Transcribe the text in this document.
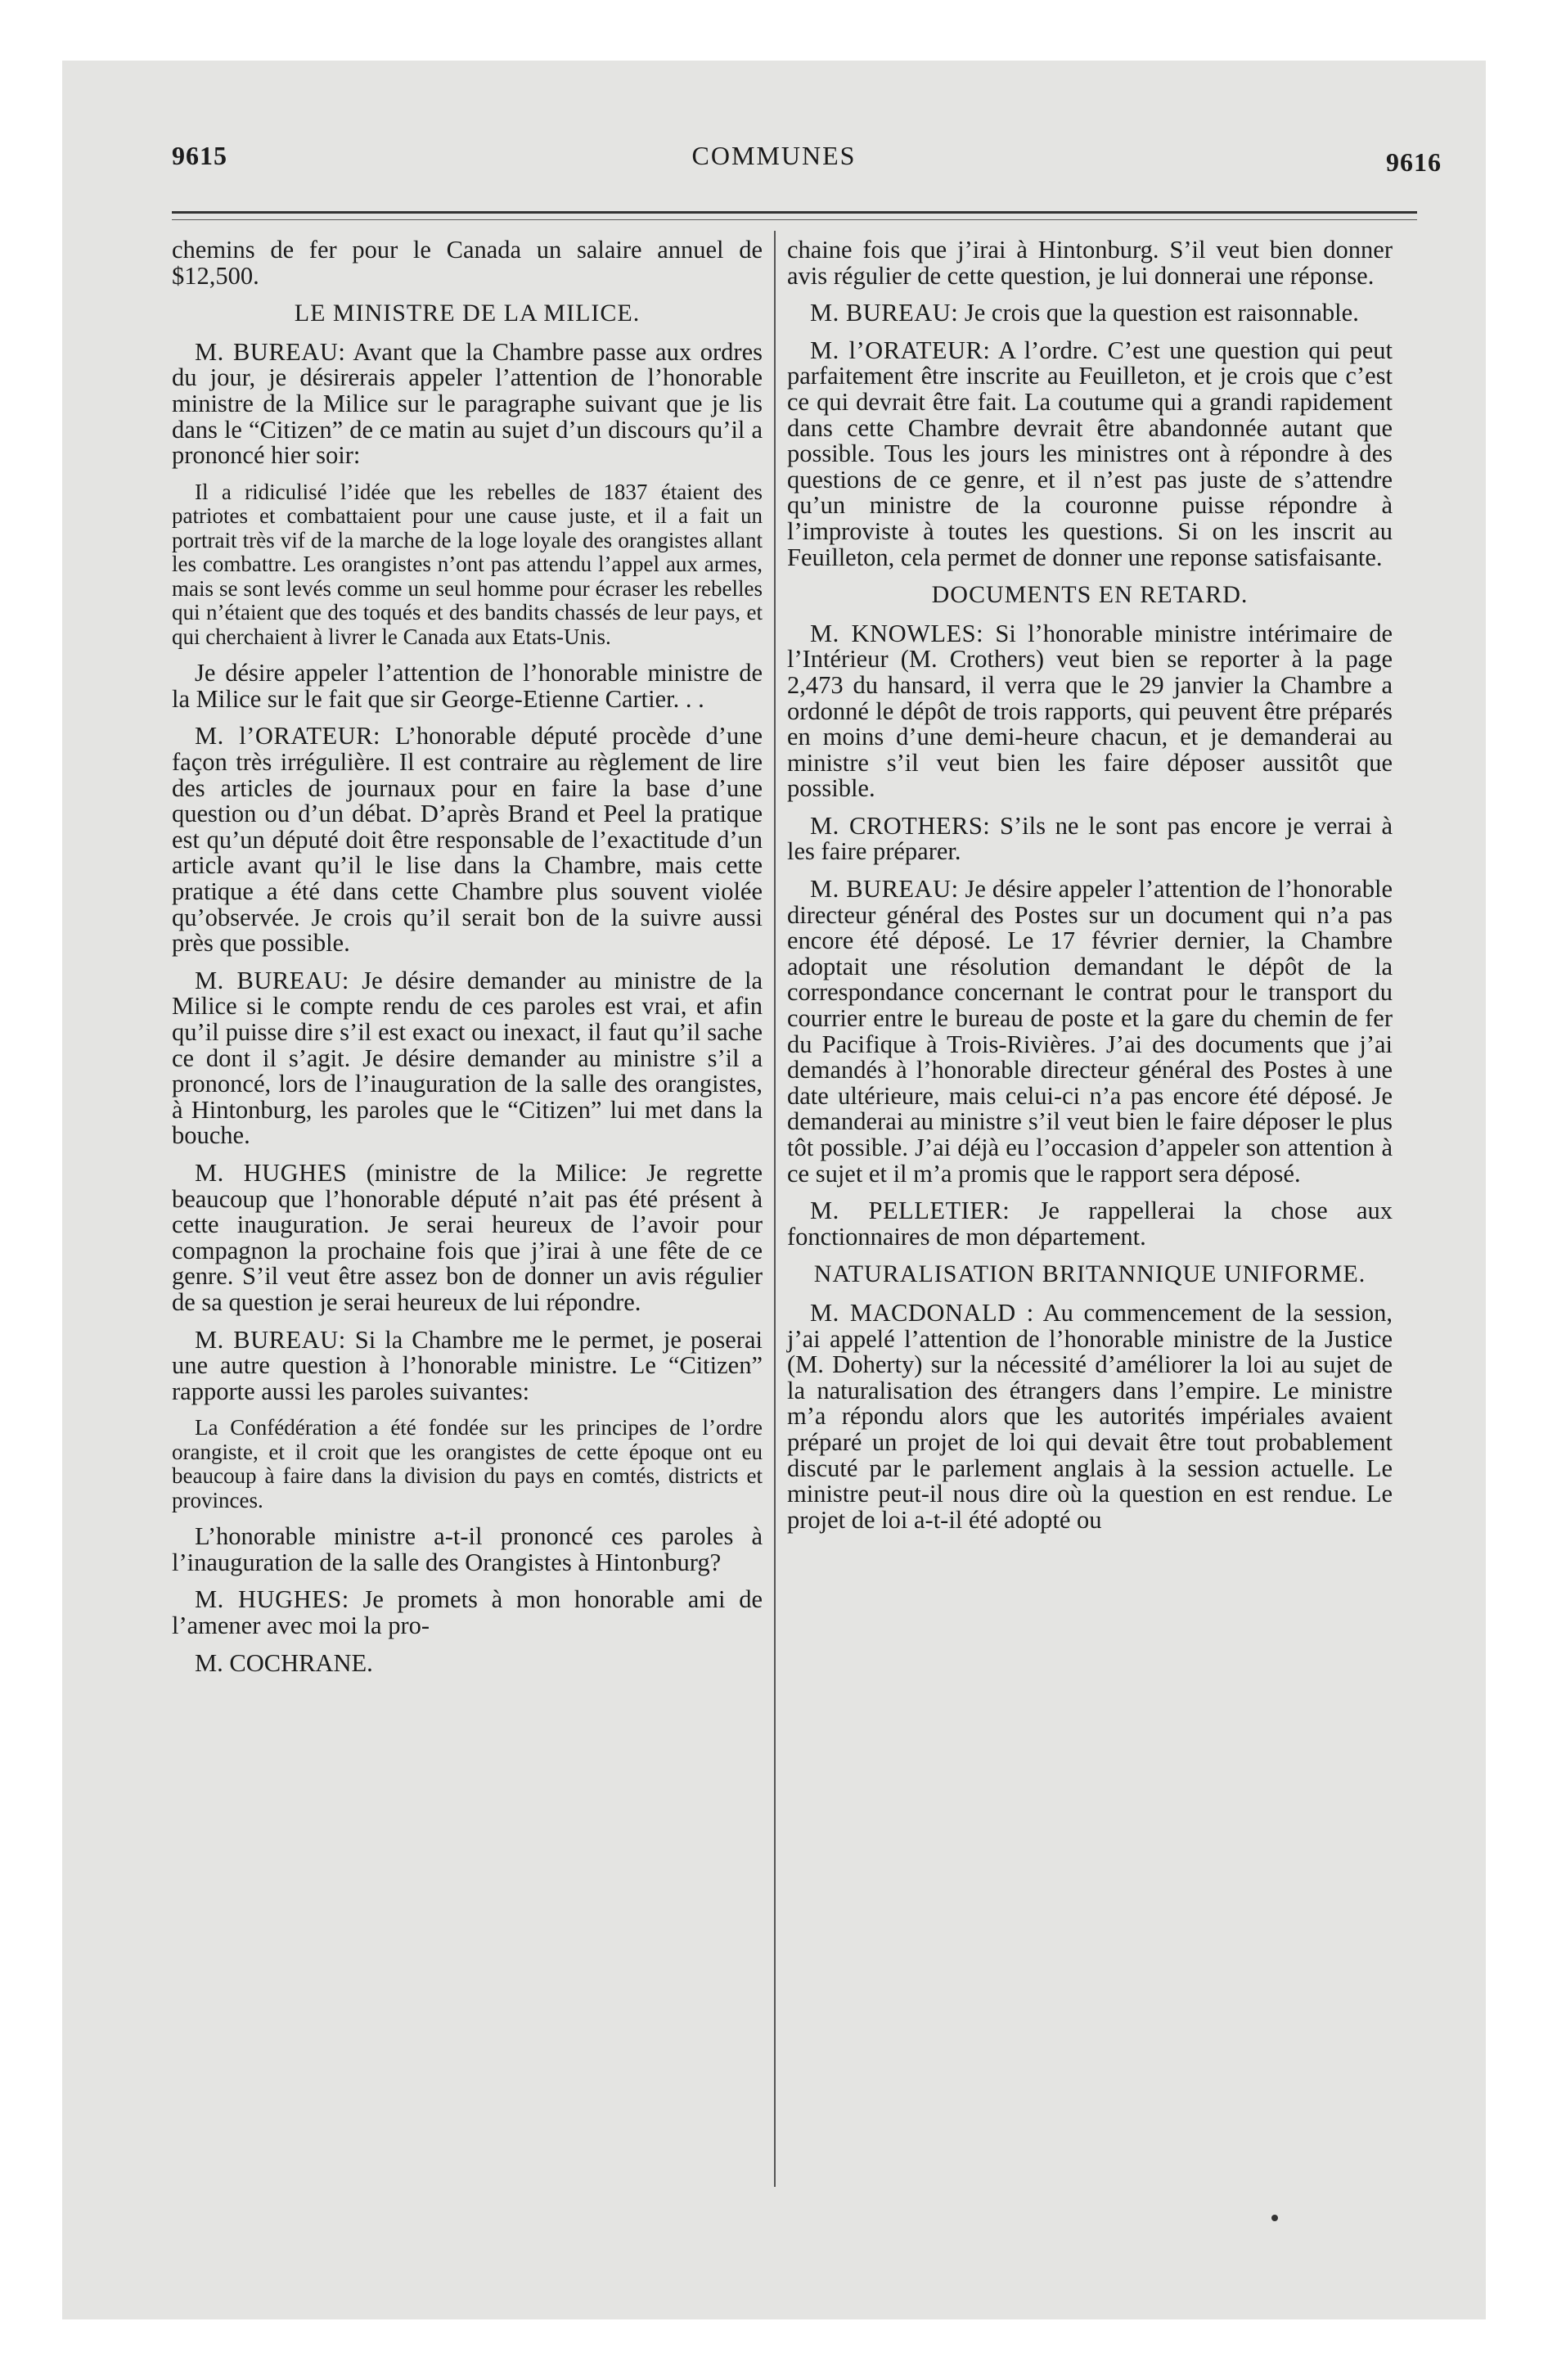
9615	COMMUNES	9616

chemins de fer pour le Canada un salaire annuel de $12,500.

LE MINISTRE DE LA MILICE.

M. BUREAU: Avant que la Chambre passe aux ordres du jour, je désirerais appeler l’attention de l’honorable ministre de la Milice sur le paragraphe suivant que je lis dans le “Citizen” de ce matin au sujet d’un discours qu’il a prononcé hier soir:

Il a ridiculisé l’idée que les rebelles de 1837 étaient des patriotes et combattaient pour une cause juste, et il a fait un portrait très vif de la marche de la loge loyale des orangistes allant les combattre. Les orangistes n’ont pas attendu l’appel aux armes, mais se sont levés comme un seul homme pour écraser les rebelles qui n’étaient que des toqués et des bandits chassés de leur pays, et qui cherchaient à livrer le Canada aux Etats-Unis.

Je désire appeler l’attention de l’honorable ministre de la Milice sur le fait que sir George-Etienne Cartier. . .

M. l’ORATEUR: L’honorable député procède d’une façon très irrégulière. Il est contraire au règlement de lire des articles de journaux pour en faire la base d’une question ou d’un débat. D’après Brand et Peel la pratique est qu’un député doit être responsable de l’exactitude d’un article avant qu’il le lise dans la Chambre, mais cette pratique a été dans cette Chambre plus souvent violée qu’observée. Je crois qu’il serait bon de la suivre aussi près que possible.

M. BUREAU: Je désire demander au ministre de la Milice si le compte rendu de ces paroles est vrai, et afin qu’il puisse dire s’il est exact ou inexact, il faut qu’il sache ce dont il s’agit. Je désire demander au ministre s’il a prononcé, lors de l’inauguration de la salle des orangistes, à Hintonburg, les paroles que le “Citizen” lui met dans la bouche.

M. HUGHES (ministre de la Milice: Je regrette beaucoup que l’honorable député n’ait pas été présent à cette inauguration. Je serai heureux de l’avoir pour compagnon la prochaine fois que j’irai à une fête de ce genre. S’il veut être assez bon de donner un avis régulier de sa question je serai heureux de lui répondre.

M. BUREAU: Si la Chambre me le permet, je poserai une autre question à l’honorable ministre. Le “Citizen” rapporte aussi les paroles suivantes:

La Confédération a été fondée sur les principes de l’ordre orangiste, et il croit que les orangistes de cette époque ont eu beaucoup à faire dans la division du pays en comtés, districts et provinces.

L’honorable ministre a-t-il prononcé ces paroles à l’inauguration de la salle des Orangistes à Hintonburg?

M. HUGHES: Je promets à mon honorable ami de l’amener avec moi la pro-

M. COCHRANE.

chaine fois que j’irai à Hintonburg. S’il veut bien donner avis régulier de cette question, je lui donnerai une réponse.

M. BUREAU: Je crois que la question est raisonnable.

M. l’ORATEUR: A l’ordre. C’est une question qui peut parfaitement être inscrite au Feuilleton, et je crois que c’est ce qui devrait être fait. La coutume qui a grandi rapidement dans cette Chambre devrait être abandonnée autant que possible. Tous les jours les ministres ont à répondre à des questions de ce genre, et il n’est pas juste de s’attendre qu’un ministre de la couronne puisse répondre à l’improviste à toutes les questions. Si on les inscrit au Feuilleton, cela permet de donner une reponse satisfaisante.

DOCUMENTS EN RETARD.

M. KNOWLES: Si l’honorable ministre intérimaire de l’Intérieur (M. Crothers) veut bien se reporter à la page 2,473 du hansard, il verra que le 29 janvier la Chambre a ordonné le dépôt de trois rapports, qui peuvent être préparés en moins d’une demi-heure chacun, et je demanderai au ministre s’il veut bien les faire déposer aussitôt que possible.

M. CROTHERS: S’ils ne le sont pas encore je verrai à les faire préparer.

M. BUREAU: Je désire appeler l’attention de l’honorable directeur général des Postes sur un document qui n’a pas encore été déposé. Le 17 février dernier, la Chambre adoptait une résolution demandant le dépôt de la correspondance concernant le contrat pour le transport du courrier entre le bureau de poste et la gare du chemin de fer du Pacifique à Trois-Rivières. J’ai des documents que j’ai demandés à l’honorable directeur général des Postes à une date ultérieure, mais celui-ci n’a pas encore été déposé. Je demanderai au ministre s’il veut bien le faire déposer le plus tôt possible. J’ai déjà eu l’occasion d’appeler son attention à ce sujet et il m’a promis que le rapport sera déposé.

M. PELLETIER: Je rappellerai la chose aux fonctionnaires de mon département.

NATURALISATION BRITANNIQUE UNIFORME.

M. MACDONALD : Au commencement de la session, j’ai appelé l’attention de l’honorable ministre de la Justice (M. Doherty) sur la nécessité d’améliorer la loi au sujet de la naturalisation des étrangers dans l’empire. Le ministre m’a répondu alors que les autorités impériales avaient préparé un projet de loi qui devait être tout probablement discuté par le parlement anglais à la session actuelle. Le ministre peut-il nous dire où la question en est rendue. Le projet de loi a-t-il été adopté ou
